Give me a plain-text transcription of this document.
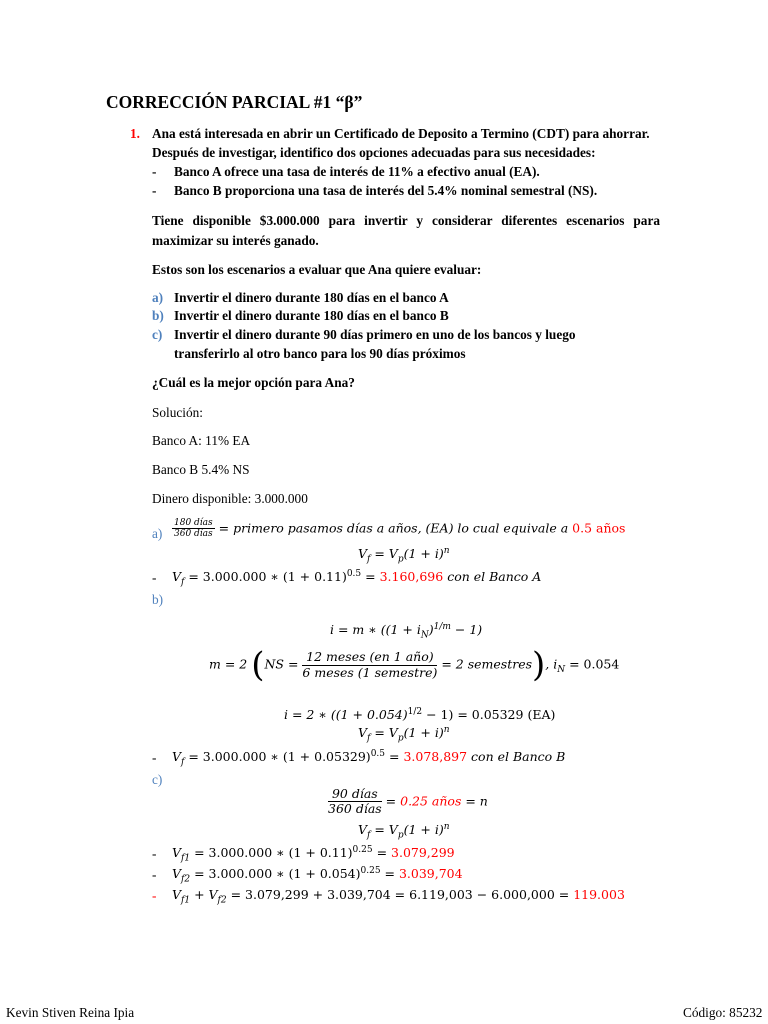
CORRECCIÓN PARCIAL #1 “β”
1. Ana está interesada en abrir un Certificado de Deposito a Termino (CDT) para ahorrar.
Después de investigar, identifico dos opciones adecuadas para sus necesidades:
- Banco A ofrece una tasa de interés de 11% a efectivo anual (EA).
- Banco B proporciona una tasa de interés del 5.4% nominal semestral (NS).
Tiene disponible $3.000.000 para invertir y considerar diferentes escenarios para maximizar su interés ganado.
Estos son los escenarios a evaluar que Ana quiere evaluar:
a) Invertir el dinero durante 180 días en el banco A
b) Invertir el dinero durante 180 días en el banco B
c) Invertir el dinero durante 90 días primero en uno de los bancos y luego
transferirlo al otro banco para los 90 días próximos
¿Cuál es la mejor opción para Ana?
Solución:
Banco A: 11% EA
Banco B 5.4% NS
Dinero disponible: 3.000.000
$a) \frac{\text{180 días}}{\text{360 días}}$ = primero pasamos días a años, (EA) lo cual equivale a 0.5 años
$V_f = V_p(1 + i)^n$
- $V_f = 3.000.000$ ∗ $(1 + 0.11)^{0.5} = 3.160,696$ con el Banco A
b)
i = m ∗ $((1 + i_N)^{1/m} - 1)$
m = 2 ($NS = \frac{\text{12 meses (en 1 año)}}{\text{6 meses (1 semestre)}} = 2$ semestres), $i_N = 0.054$
i = 2 ∗ $((1 + 0.054)^{1/2} - 1) = 0.05329$ (EA)
$V_f = V_p(1 + i)^n$
- $V_f = 3.000.000$ ∗ $(1 + 0.05329)^{0.5} = 3.078,897$ con el Banco B
c)
$\frac{\text{90 días}}{\text{360 días}} = 0.25$ años = n
$V_f = V_p(1 + i)^n$
- $V_{f1} = 3.000.000$ ∗ $(1 + 0.11)^{0.25} = 3.079,299$
- $V_{f2} = 3.000.000$ ∗ $(1 + 0.054)^{0.25} = 3.039,704$
- $V_{f1} + V_{f2} = 3.079,299 + 3.039,704 = 6.119,003 - 6.000,000 = 119.003$
Kevin Stiven Reina Ipia	Código: 85232
